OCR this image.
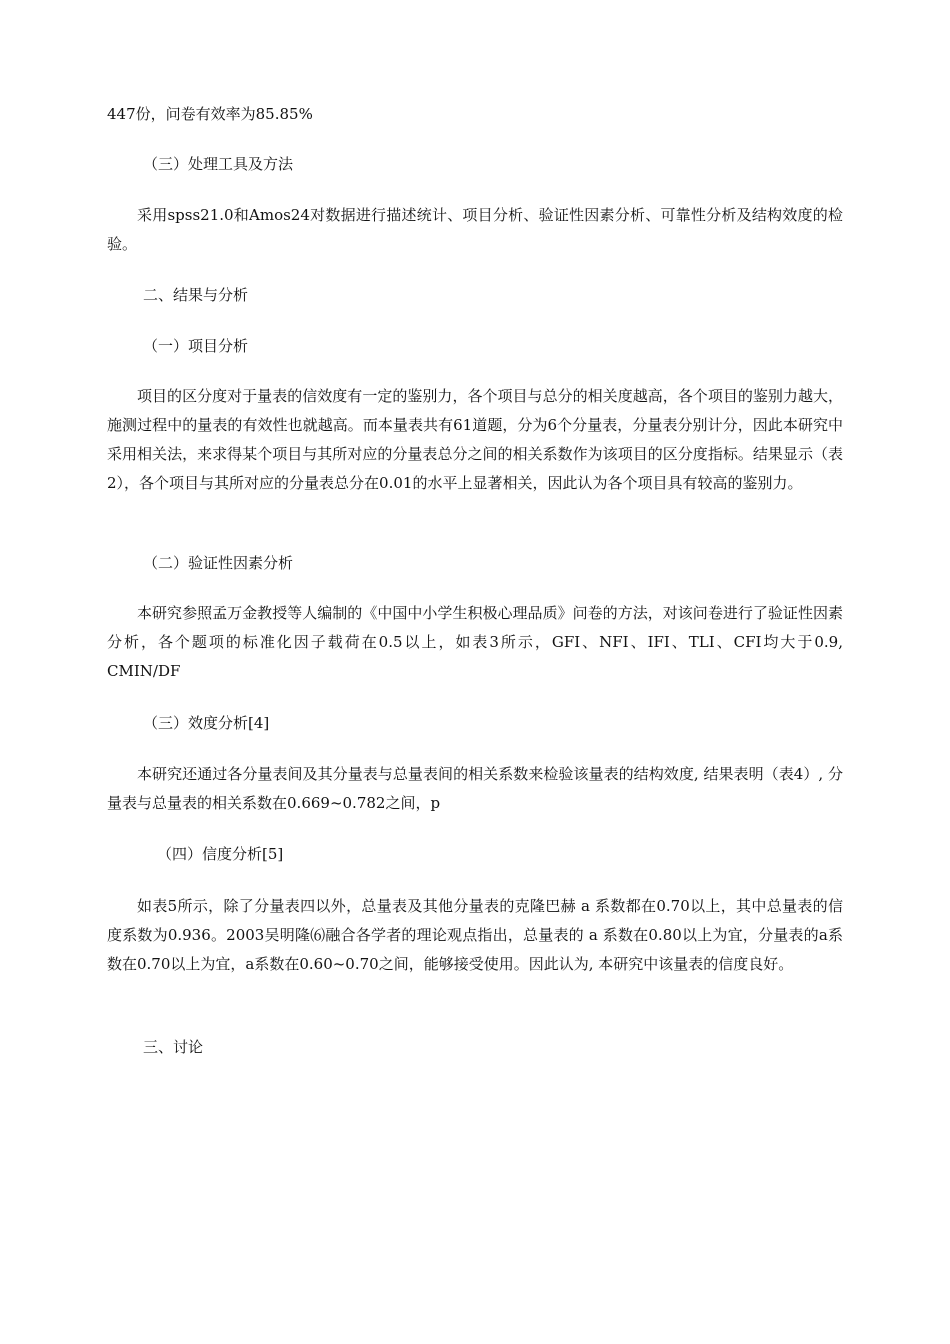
447份，问卷有效率为85.85%

（三）处理工具及方法

采用spss21.0和Amos24对数据进行描述统计、项目分析、验证性因素分析、可靠性分析及结构效度的检验。

二、结果与分析

（一）项目分析

项目的区分度对于量表的信效度有一定的鉴别力，各个项目与总分的相关度越高，各个项目的鉴别力越大，施测过程中的量表的有效性也就越高。而本量表共有61道题，分为6个分量表，分量表分别计分，因此本研究中采用相关法，来求得某个项目与其所对应的分量表总分之间的相关系数作为该项目的区分度指标。结果显示（表2），各个项目与其所对应的分量表总分在0.01的水平上显著相关，因此认为各个项目具有较高的鉴别力。

（二）验证性因素分析

本研究参照孟万金教授等人编制的《中国中小学生积极心理品质》问卷的方法，对该问卷进行了验证性因素分析，各个题项的标准化因子载荷在0.5以上，如表3所示，GFI、NFI、IFI、TLI、CFI均大于0.9, CMIN/DF

（三）效度分析[4]

本研究还通过各分量表间及其分量表与总量表间的相关系数来检验该量表的结构效度, 结果表明（表4）, 分量表与总量表的相关系数在0.669~0.782之间，p

（四）信度分析[5]

如表5所示，除了分量表四以外，总量表及其他分量表的克隆巴赫 a 系数都在0.70以上，其中总量表的信度系数为0.936。2003吴明隆⑹融合各学者的理论观点指出，总量表的 a 系数在0.80以上为宜，分量表的a系数在0.70以上为宜，a系数在0.60~0.70之间，能够接受使用。因此认为, 本研究中该量表的信度良好。

三、讨论
